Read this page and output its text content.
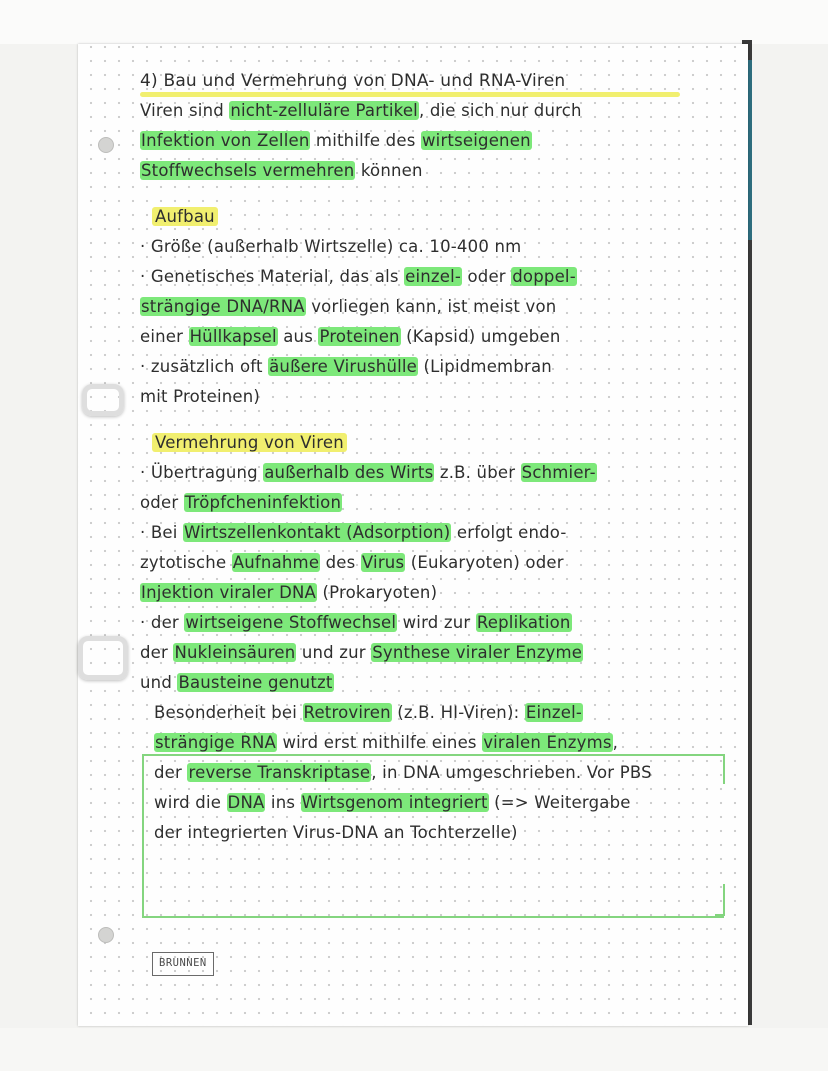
4) Bau und Vermehrung von DNA- und RNA-Viren
Viren sind nicht-zelluläre Partikel, die sich nur durch
Infektion von Zellen mithilfe des wirtseigenen
Stoffwechsels vermehren können
Aufbau
· Größe (außerhalb Wirtszelle) ca. 10-400 nm
· Genetisches Material, das als einzel- oder doppel-
strängige DNA/RNA vorliegen kann, ist meist von
einer Hüllkapsel aus Proteinen (Kapsid) umgeben
· zusätzlich oft äußere Virushülle (Lipidmembran
mit Proteinen)
Vermehrung von Viren
· Übertragung außerhalb des Wirts z.B. über Schmier-
oder Tröpfcheninfektion
· Bei Wirtszellenkontakt (Adsorption) erfolgt endo-
zytotische Aufnahme des Virus (Eukaryoten) oder
Injektion viraler DNA (Prokaryoten)
· der wirtseigene Stoffwechsel wird zur Replikation
der Nukleinsäuren und zur Synthese viraler Enzyme
und Bausteine genutzt
Besonderheit bei Retroviren (z.B. HI-Viren): Einzel-
strängige RNA wird erst mithilfe eines viralen Enzyms,
der reverse Transkriptase, in DNA umgeschrieben. Vor PBS
wird die DNA ins Wirtsgenom integriert (=> Weitergabe
der integrierten Virus-DNA an Tochterzelle)
BRUNNEN
